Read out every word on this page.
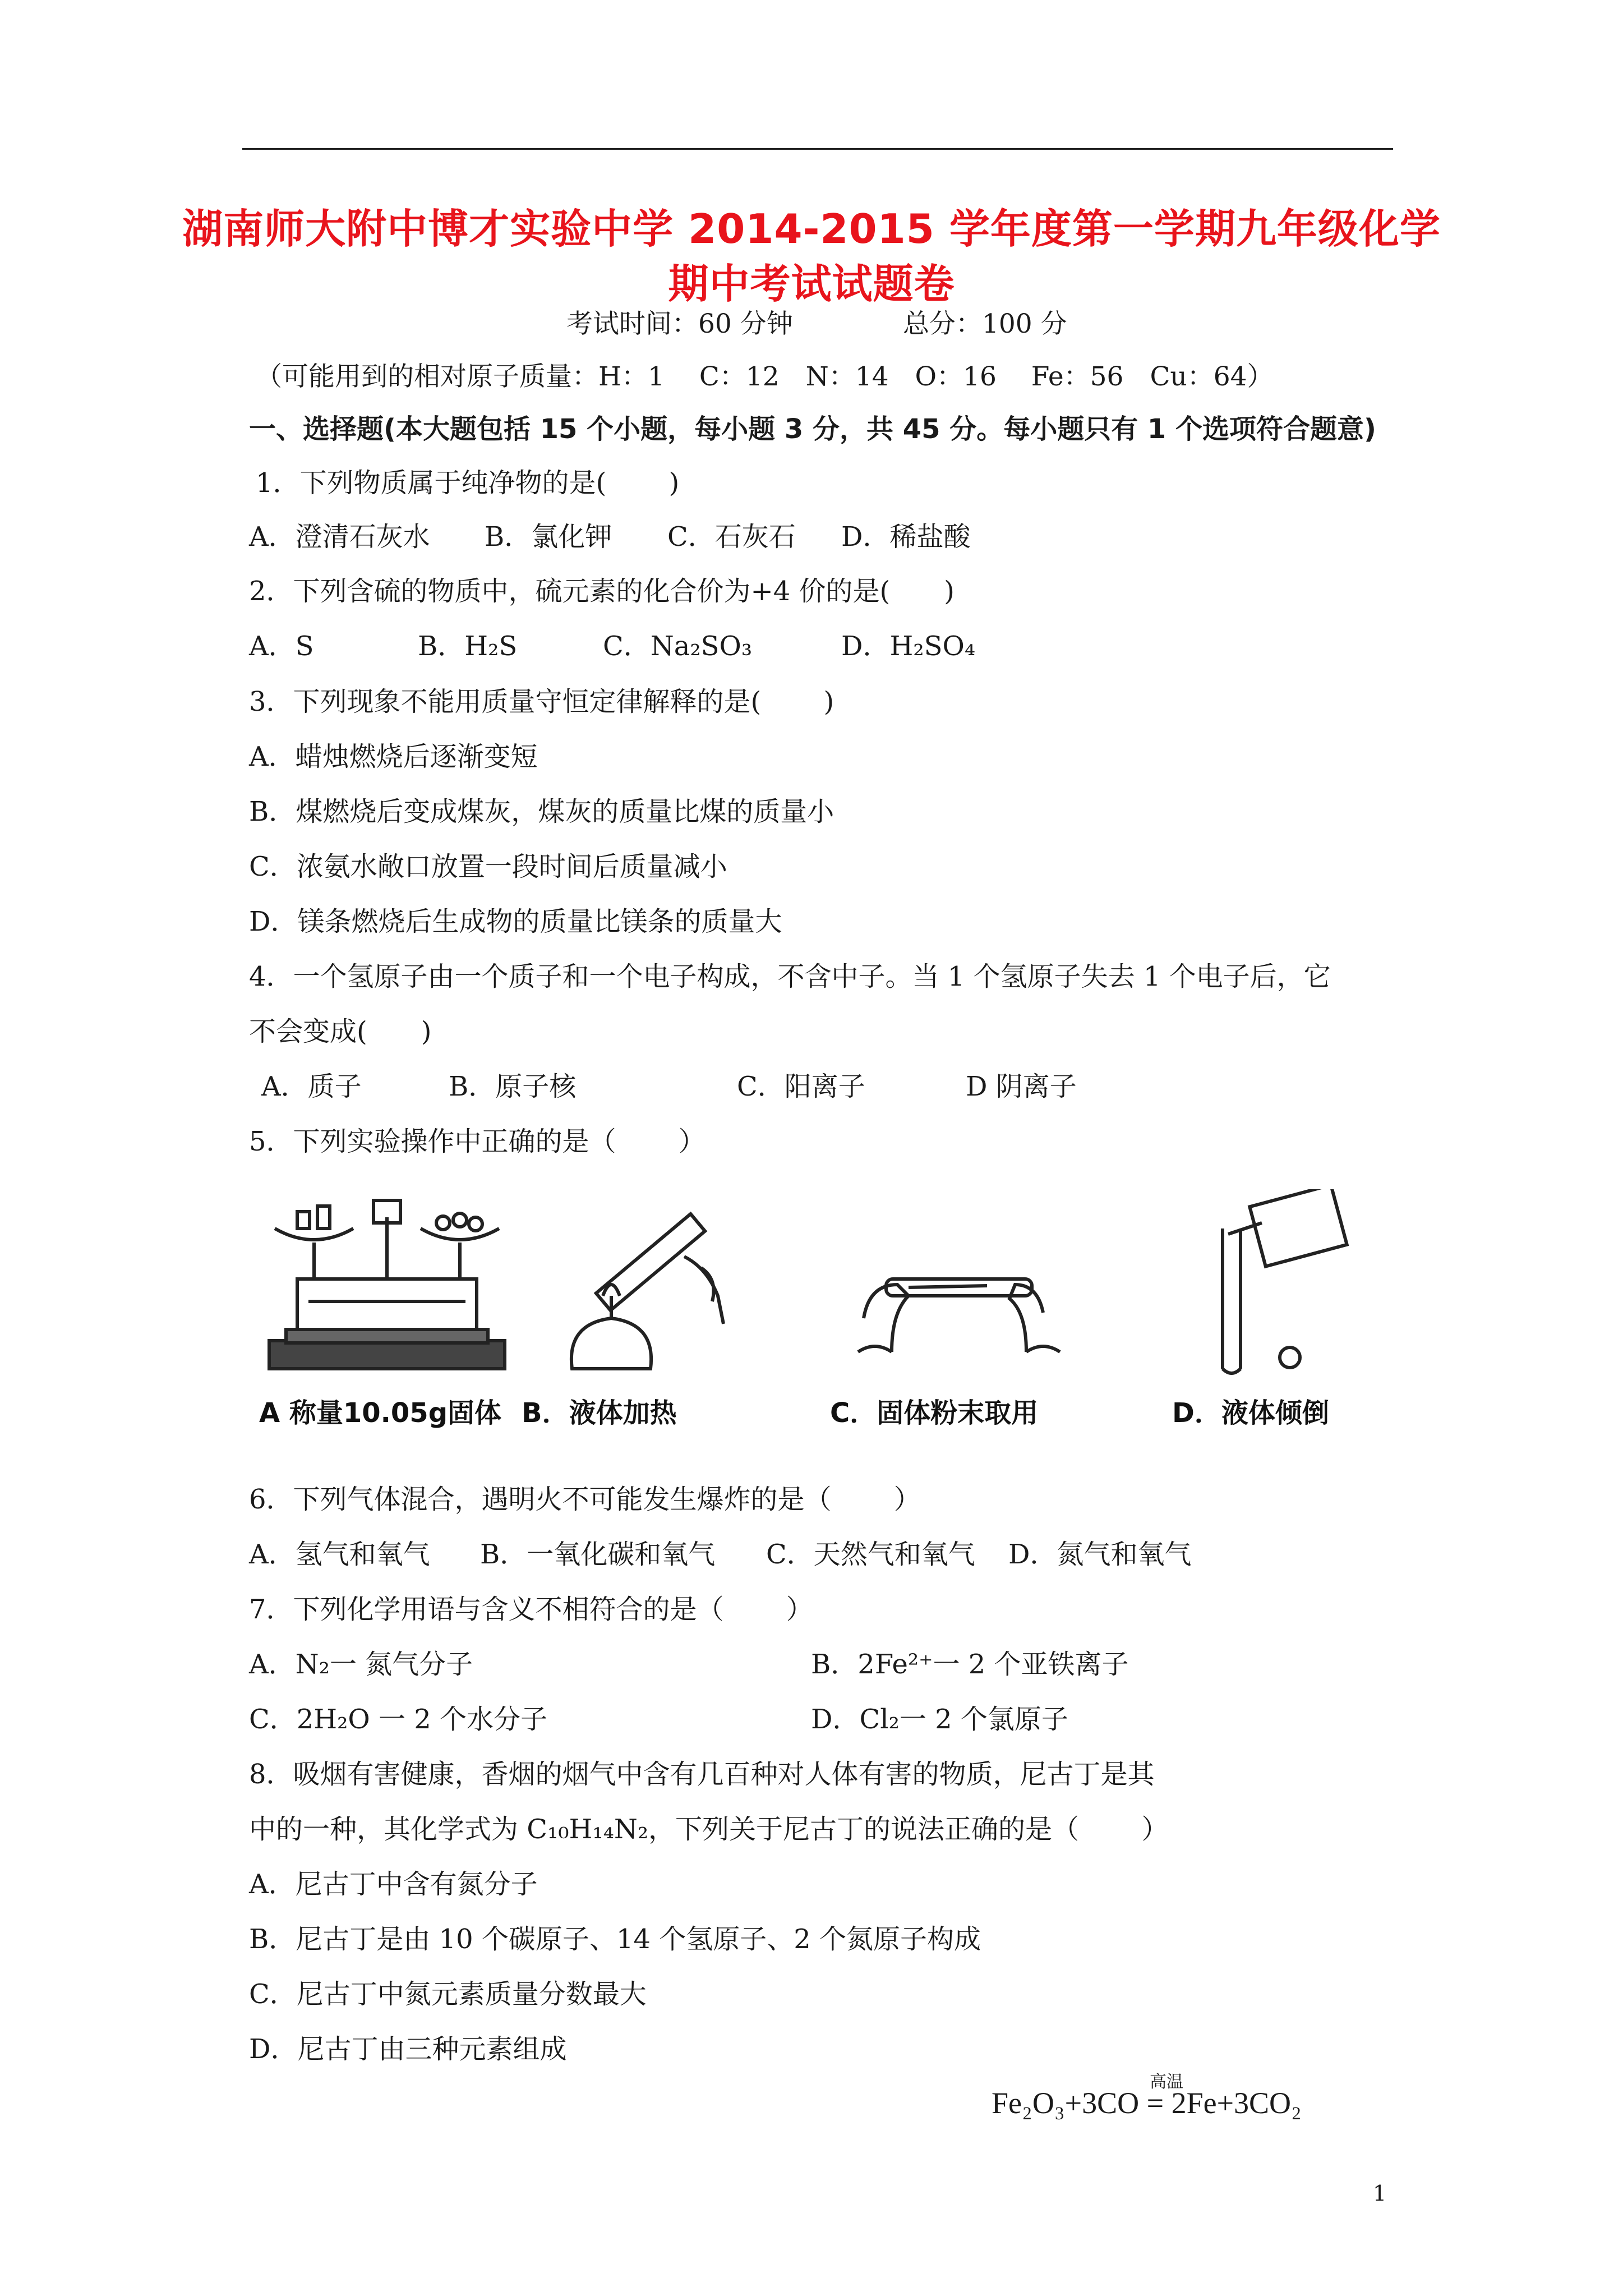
湖南师大附中博才实验中学 2014-2015 学年度第一学期九年级化学
期中考试试题卷
考试时间：60 分钟	总分：100 分
（可能用到的相对原子质量：H：1　 C：12　N：14　O：16　 Fe：56　Cu：64）
一、选择题(本大题包括 15 个小题，每小题 3 分，共 45 分。每小题只有 1 个选项符合题意)
1．下列物质属于纯净物的是(　　 )
A．澄清石灰水 B．氯化钾 C．石灰石 D．稀盐酸
2．下列含硫的物质中，硫元素的化合价为+4 价的是(　　)
A．S	B．H₂S	C．Na₂SO₃	D．H₂SO₄
3．下列现象不能用质量守恒定律解释的是(　　 )
A．蜡烛燃烧后逐渐变短
B．煤燃烧后变成煤灰，煤灰的质量比煤的质量小
C．浓氨水敞口放置一段时间后质量减小
D．镁条燃烧后生成物的质量比镁条的质量大
4．一个氢原子由一个质子和一个电子构成，不含中子。当 1 个氢原子失去 1 个电子后，它
不会变成(　　)
A．质子	B．原子核	C．阳离子	D 阴离子
5．下列实验操作中正确的是（　　 ）
A 称量10.05g固体 B．液体加热	C．固体粉末取用	D．液体倾倒
6．下列气体混合，遇明火不可能发生爆炸的是（　　 ）
A．氢气和氧气 B．一氧化碳和氧气 C．天然气和氧气 D．氮气和氧气
7．下列化学用语与含义不相符合的是（　　 ）
A．N₂一 氮气分子	B．2Fe²⁺一 2 个亚铁离子
C．2H₂O 一 2 个水分子	D．Cl₂一 2 个氯原子
8．吸烟有害健康，香烟的烟气中含有几百种对人体有害的物质，尼古丁是其
中的一种，其化学式为 C₁₀H₁₄N₂，下列关于尼古丁的说法正确的是（　　 ）
A．尼古丁中含有氮分子
B．尼古丁是由 10 个碳原子、14 个氢原子、2 个氮原子构成
C．尼古丁中氮元素质量分数最大
D．尼古丁由三种元素组成
高温
Fe₂O₃+3CO = 2Fe+3CO₂
1
